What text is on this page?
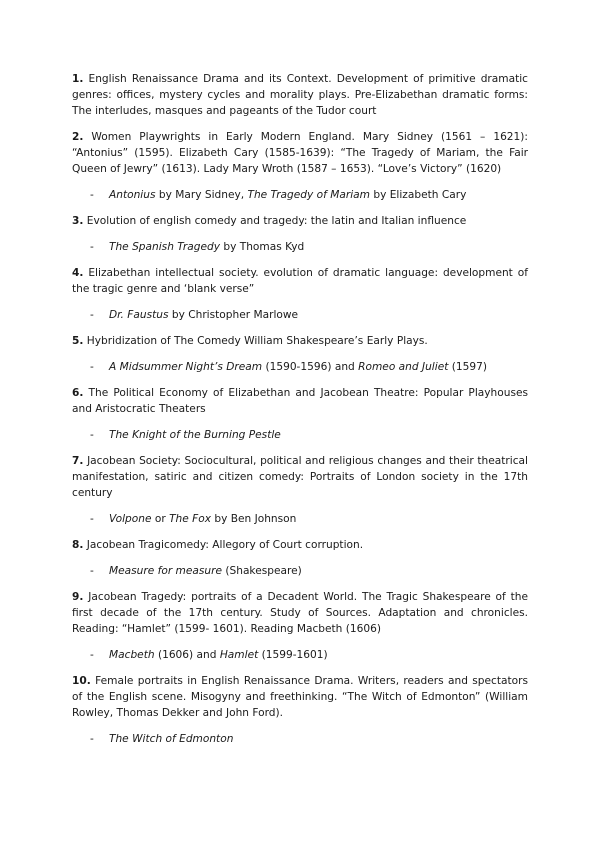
1. English Renaissance Drama and its Context. Development of primitive dramatic genres: offices, mystery cycles and morality plays. Pre-Elizabethan dramatic forms: The interludes, masques and pageants of the Tudor court

2. Women Playwrights in Early Modern England. Mary Sidney (1561 – 1621): “Antonius” (1595). Elizabeth Cary (1585-1639): “The Tragedy of Mariam, the Fair Queen of Jewry” (1613). Lady Mary Wroth (1587 – 1653). “Love’s Victory” (1620)

- Antonius by Mary Sidney, The Tragedy of Mariam by Elizabeth Cary

3. Evolution of english comedy and tragedy: the latin and Italian influence

- The Spanish Tragedy by Thomas Kyd

4. Elizabethan intellectual society. evolution of dramatic language: development of the tragic genre and ‘blank verse”

- Dr. Faustus by Christopher Marlowe

5. Hybridization of The Comedy William Shakespeare’s Early Plays.

- A Midsummer Night’s Dream (1590-1596) and Romeo and Juliet (1597)

6. The Political Economy of Elizabethan and Jacobean Theatre: Popular Playhouses and Aristocratic Theaters

- The Knight of the Burning Pestle

7. Jacobean Society: Sociocultural, political and religious changes and their theatrical manifestation, satiric and citizen comedy: Portraits of London society in the 17th century

- Volpone or The Fox by Ben Johnson

8. Jacobean Tragicomedy: Allegory of Court corruption.

- Measure for measure (Shakespeare)

9. Jacobean Tragedy: portraits of a Decadent World. The Tragic Shakespeare of the first decade of the 17th century. Study of Sources. Adaptation and chronicles. Reading: “Hamlet” (1599- 1601). Reading Macbeth (1606)

- Macbeth (1606) and Hamlet (1599-1601)

10. Female portraits in English Renaissance Drama. Writers, readers and spectators of the English scene. Misogyny and freethinking. “The Witch of Edmonton” (William Rowley, Thomas Dekker and John Ford).

- The Witch of Edmonton
